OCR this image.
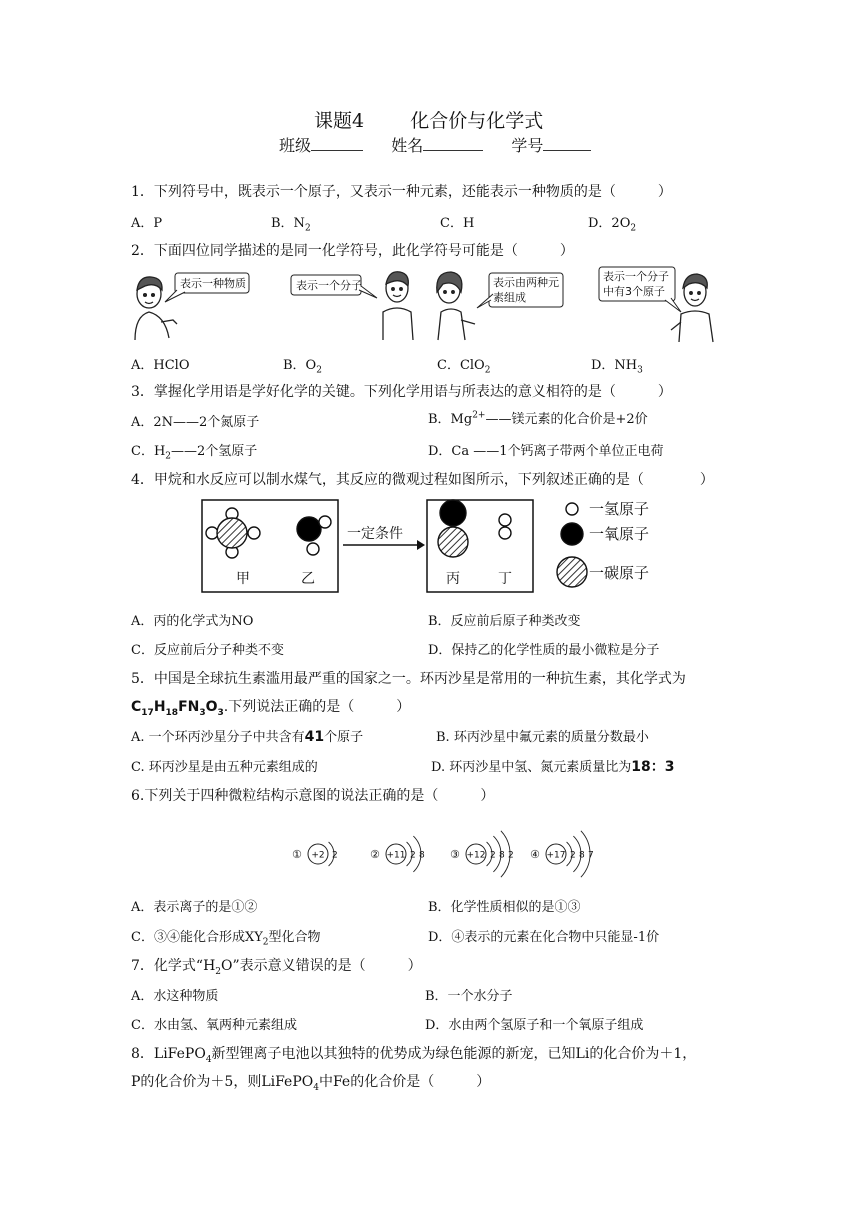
课题4 化合价与化学式
班级	姓名	学号
1．下列符号中，既表示一个原子，又表示一种元素，还能表示一种物质的是（　　　）
A．P	B．$N_2$	C．H	D．$2O_2$
2．下面四位同学描述的是同一化学符号，此化学符号可能是（　　　）
表示一种物质	表示一个分子	表示由两种元
素组成
表示一个分子
中有3个原子
A．HClO	B．$O_2$	C．ClO$_2$	D．$NH_3$
3．掌握化学用语是学好化学的关键。下列化学用语与所表达的意义相符的是（　　　）
A．2N——2个氮原子	B．$Mg^{2+}——$镁元素的化合价是+2价
C．$H_2——2$个氢原子	D．Ca ——1个钙离子带两个单位正电荷
4．甲烷和水反应可以制水煤气，其反应的微观过程如图所示，下列叙述正确的是（　　　　）
甲	乙
一定条件
丙	丁
一氢原子
一氧原子
一碳原子
A．丙的化学式为NO	B．反应前后原子种类改变
C．反应前后分子种类不变	D．保持乙的化学性质的最小微粒是分子
5．中国是全球抗生素滥用最严重的国家之一。环丙沙星是常用的一种抗生素，其化学式为
$C_{17}H_{18}FN_3O_3$.下列说法正确的是（　　　）
A. 一个环丙沙星分子中共含有41个原子	B. 环丙沙星中氟元素的质量分数最小
C. 环丙沙星是由五种元素组成的	D. 环丙沙星中氢、氮元素质量比为18：3
6.下列关于四种微粒结构示意图的说法正确的是（　　　）
① +2 2	② +11 2 8 ③ +12 2 8 2 ④ +17 2 8 7
A．表示离子的是①②	B．化学性质相似的是①③
C．③④能化合形成$XY_2$型化合物	D．④表示的元素在化合物中只能显-1价
7．化学式“$H_2O$”表示意义错误的是（　　　）
A．水这种物质	B．一个水分子
C．水由氢、氧两种元素组成	D．水由两个氢原子和一个氧原子组成
8．LiFePO$_4$新型锂离子电池以其独特的优势成为绿色能源的新宠，已知Li的化合价为＋1，
P的化合价为＋5，则LiFePO$_4$中Fe的化合价是（　　　）
